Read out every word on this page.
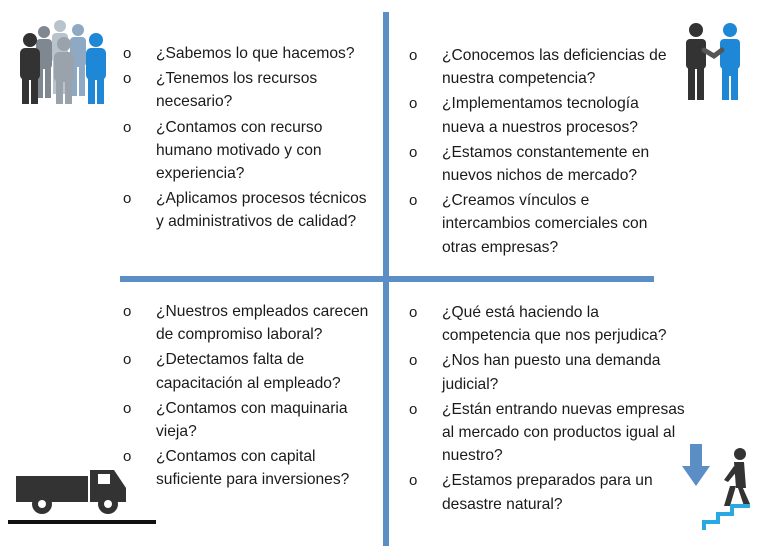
o ¿Sabemos lo que hacemos?
o ¿Tenemos los recursos necesario?
o ¿Contamos con recurso humano motivado y con experiencia?
o ¿Aplicamos procesos técnicos y administrativos de calidad?
o ¿Conocemos las deficiencias de nuestra competencia?
o ¿Implementamos tecnología nueva a nuestros procesos?
o ¿Estamos constantemente en nuevos nichos de mercado?
o ¿Creamos vínculos e intercambios comerciales con otras empresas?
o ¿Nuestros empleados carecen de compromiso laboral?
o ¿Detectamos falta de capacitación al empleado?
o ¿Contamos con maquinaria vieja?
o ¿Contamos con capital suficiente para inversiones?
o ¿Qué está haciendo la competencia que nos perjudica?
o ¿Nos han puesto una demanda judicial?
o ¿Están entrando nuevas empresas al mercado con productos igual al nuestro?
o ¿Estamos preparados para un desastre natural?
